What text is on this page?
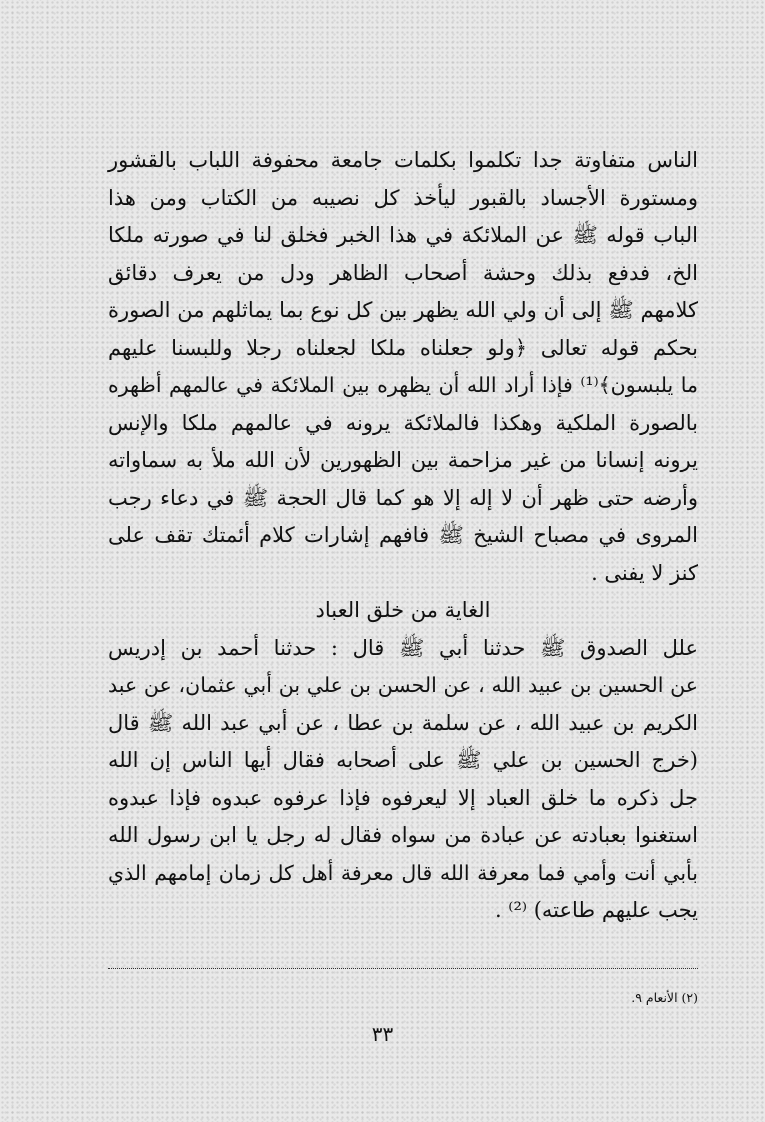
الناس متفاوتة جدا تكلموا بكلمات جامعة محفوفة اللباب بالقشور
ومستورة الأجساد بالقبور ليأخذ كل نصيبه من الكتاب ومن هذا
الباب قوله ﷺ عن الملائكة في هذا الخبر فخلق لنا في صورته ملكا
الخ، فدفع بذلك وحشة أصحاب الظاهر ودل من يعرف دقائق
كلامهم ﷺ إلى أن ولي الله يظهر بين كل نوع بما يماثلهم من الصورة
بحكم قوله تعالى ﴿ولو جعلناه ملكا لجعلناه رجلا وللبسنا عليهم
ما يلبسون﴾⁽¹⁾ فإذا أراد الله أن يظهره بين الملائكة في عالمهم أظهره
بالصورة الملكية وهكذا فالملائكة يرونه في عالمهم ملكا والإنس
يرونه إنسانا من غير مزاحمة بين الظهورين لأن الله ملأ به سماواته
وأرضه حتى ظهر أن لا إله إلا هو كما قال الحجة ﷺ في دعاء رجب
المروى في مصباح الشيخ ﷺ فافهم إشارات كلام أئمتك تقف على
كنز لا يفنى .
الغاية من خلق العباد
علل الصدوق ﷺ حدثنا أبي ﷺ قال : حدثنا أحمد بن إدريس
عن الحسين بن عبيد الله ، عن الحسن بن علي بن أبي عثمان، عن عبد
الكريم بن عبيد الله ، عن سلمة بن عطا ، عن أبي عبد الله ﷺ قال
(خرج الحسين بن علي ﷺ على أصحابه فقال أيها الناس إن الله
جل ذكره ما خلق العباد إلا ليعرفوه فإذا عرفوه عبدوه فإذا عبدوه
استغنوا بعبادته عن عبادة من سواه فقال له رجل يا ابن رسول الله
بأبي أنت وأمي فما معرفة الله قال معرفة أهل كل زمان إمامهم الذي
يجب عليهم طاعته) ⁽²⁾ .
(٢) الأنعام ٩.
٣٣
